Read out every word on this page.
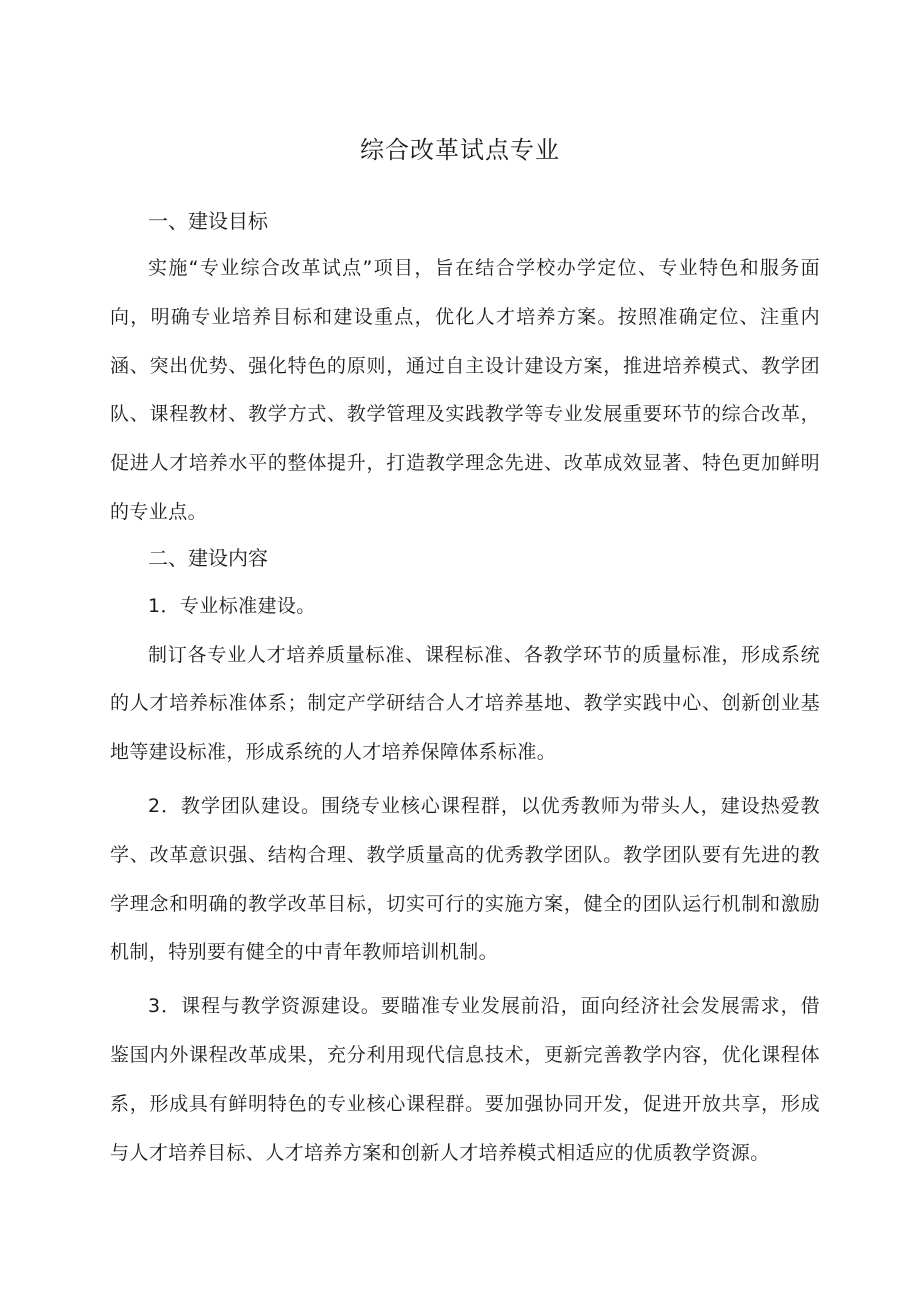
综合改革试点专业
一、建设目标

实施“专业综合改革试点”项目，旨在结合学校办学定位、专业特色和服务面向，明确专业培养目标和建设重点，优化人才培养方案。按照准确定位、注重内涵、突出优势、强化特色的原则，通过自主设计建设方案，推进培养模式、教学团队、课程教材、教学方式、教学管理及实践教学等专业发展重要环节的综合改革，促进人才培养水平的整体提升，打造教学理念先进、改革成效显著、特色更加鲜明的专业点。

二、建设内容

1．专业标准建设。

制订各专业人才培养质量标准、课程标准、各教学环节的质量标准，形成系统的人才培养标准体系；制定产学研结合人才培养基地、教学实践中心、创新创业基地等建设标准，形成系统的人才培养保障体系标准。

2．教学团队建设。围绕专业核心课程群，以优秀教师为带头人，建设热爱教学、改革意识强、结构合理、教学质量高的优秀教学团队。教学团队要有先进的教学理念和明确的教学改革目标，切实可行的实施方案，健全的团队运行机制和激励机制，特别要有健全的中青年教师培训机制。

3．课程与教学资源建设。要瞄准专业发展前沿，面向经济社会发展需求，借鉴国内外课程改革成果，充分利用现代信息技术，更新完善教学内容，优化课程体系，形成具有鲜明特色的专业核心课程群。要加强协同开发，促进开放共享，形成与人才培养目标、人才培养方案和创新人才培养模式相适应的优质教学资源。
